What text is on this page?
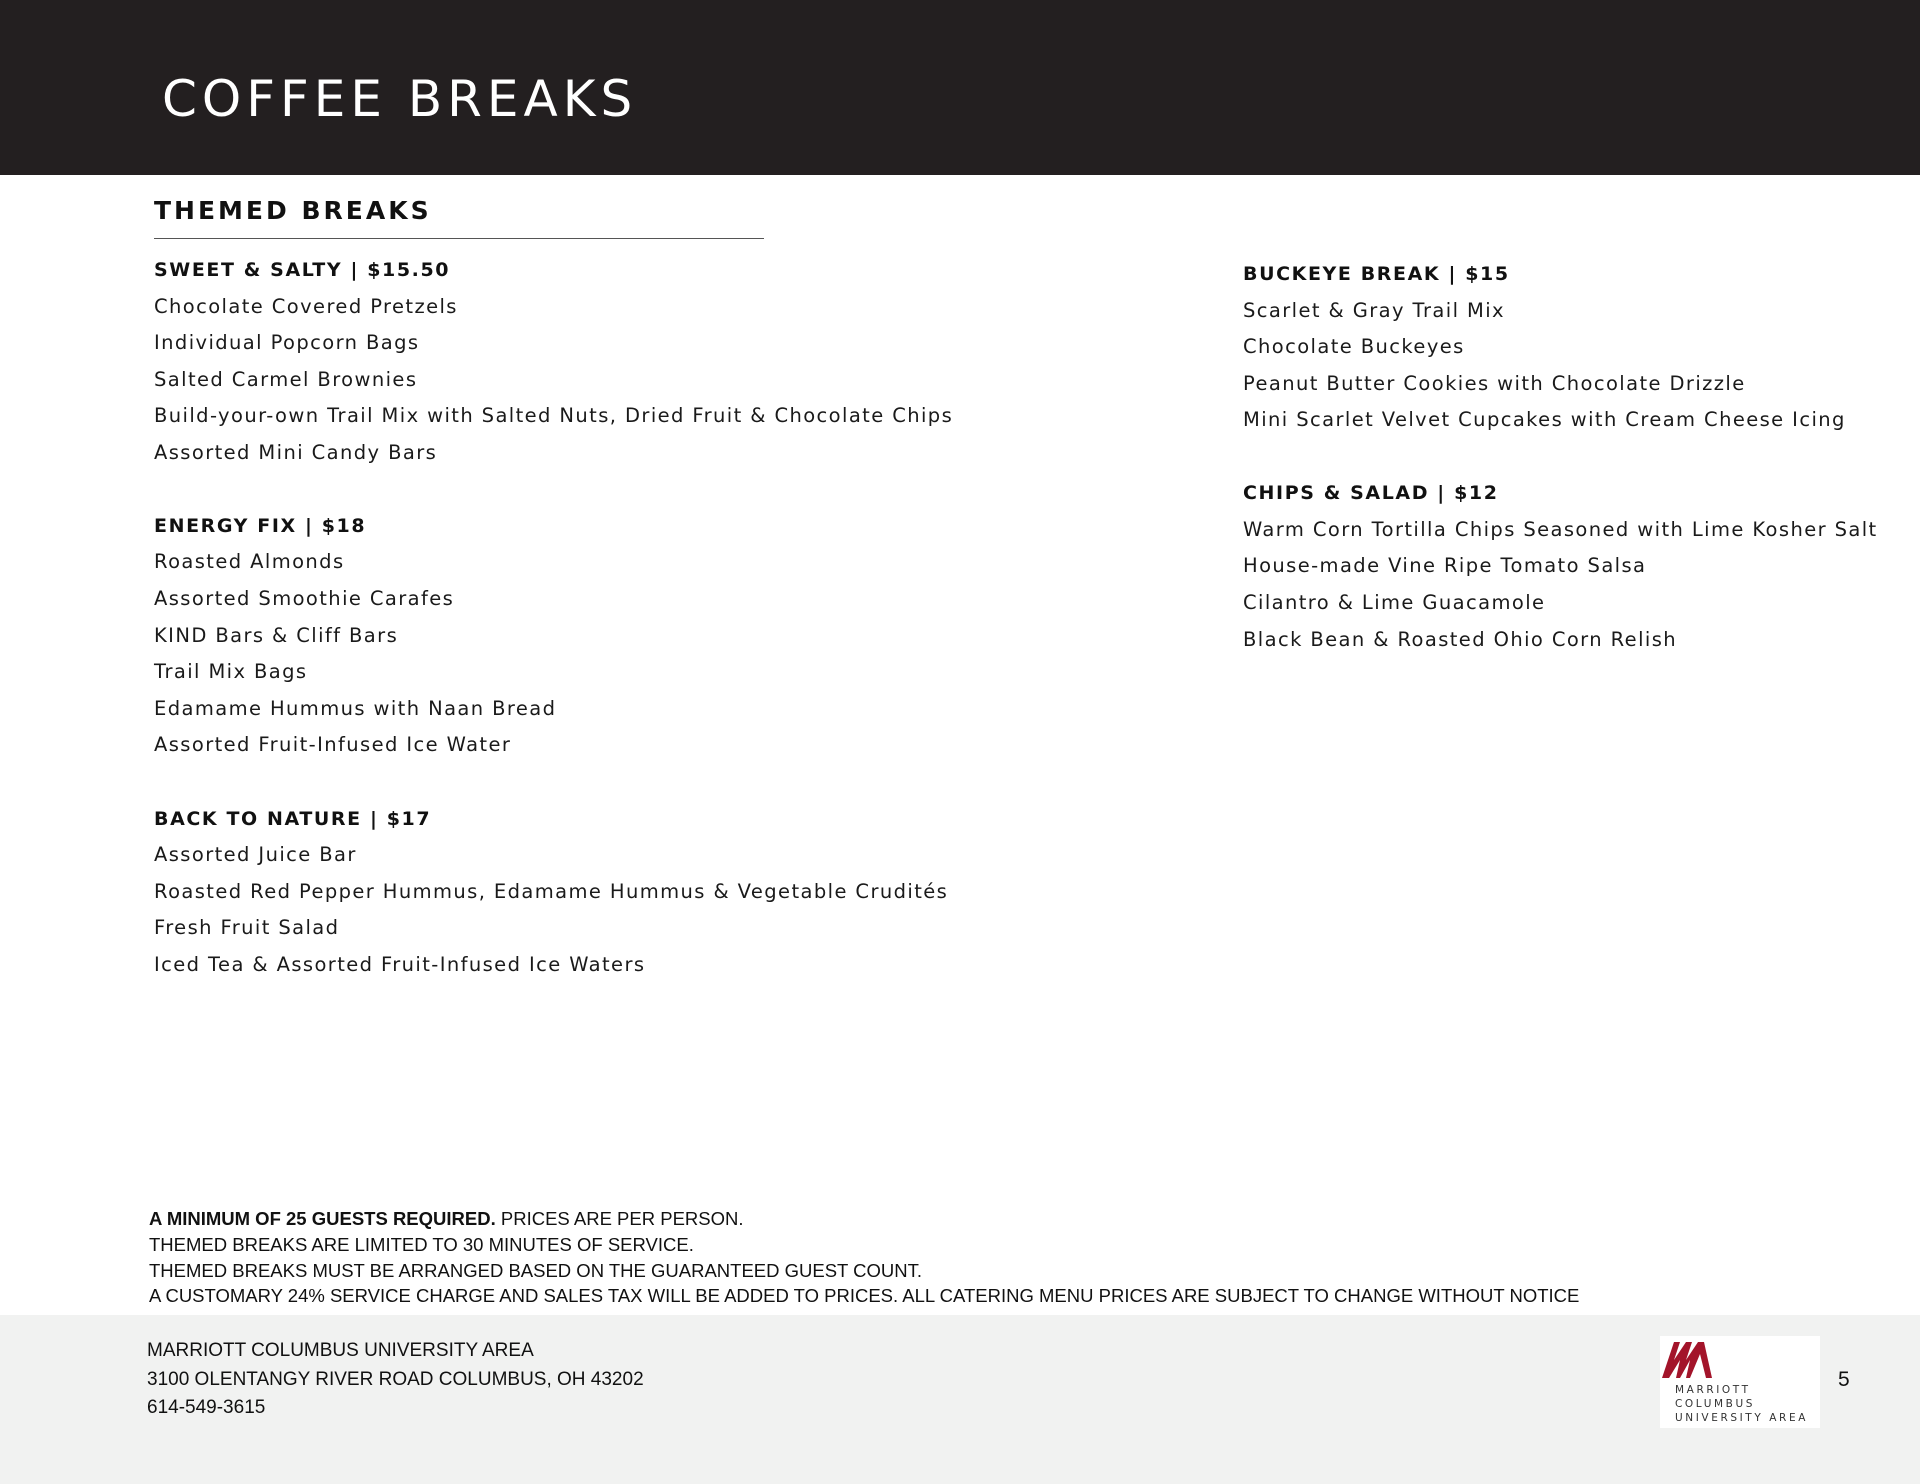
COFFEE BREAKS
THEMED BREAKS
SWEET & SALTY | $15.50
Chocolate Covered Pretzels
Individual Popcorn Bags
Salted Carmel Brownies
Build-your-own Trail Mix with Salted Nuts, Dried Fruit & Chocolate Chips
Assorted Mini Candy Bars
ENERGY FIX | $18
Roasted Almonds
Assorted Smoothie Carafes
KIND Bars & Cliff Bars
Trail Mix Bags
Edamame Hummus with Naan Bread
Assorted Fruit-Infused Ice Water
BACK TO NATURE | $17
Assorted Juice Bar
Roasted Red Pepper Hummus, Edamame Hummus & Vegetable Crudités
Fresh Fruit Salad
Iced Tea & Assorted Fruit-Infused Ice Waters
BUCKEYE BREAK | $15
Scarlet & Gray Trail Mix
Chocolate Buckeyes
Peanut Butter Cookies with Chocolate Drizzle
Mini Scarlet Velvet Cupcakes with Cream Cheese Icing
CHIPS & SALAD | $12
Warm Corn Tortilla Chips Seasoned with Lime Kosher Salt
House-made Vine Ripe Tomato Salsa
Cilantro & Lime Guacamole
Black Bean & Roasted Ohio Corn Relish
A MINIMUM OF 25 GUESTS REQUIRED. PRICES ARE PER PERSON.
THEMED BREAKS ARE LIMITED TO 30 MINUTES OF SERVICE.
THEMED BREAKS MUST BE ARRANGED BASED ON THE GUARANTEED GUEST COUNT.
A CUSTOMARY 24% SERVICE CHARGE AND SALES TAX WILL BE ADDED TO PRICES. ALL CATERING MENU PRICES ARE SUBJECT TO CHANGE WITHOUT NOTICE
MARRIOTT COLUMBUS UNIVERSITY AREA
3100 OLENTANGY RIVER ROAD COLUMBUS, OH 43202
614-549-3615
MARRIOTT
COLUMBUS
UNIVERSITY AREA
5
